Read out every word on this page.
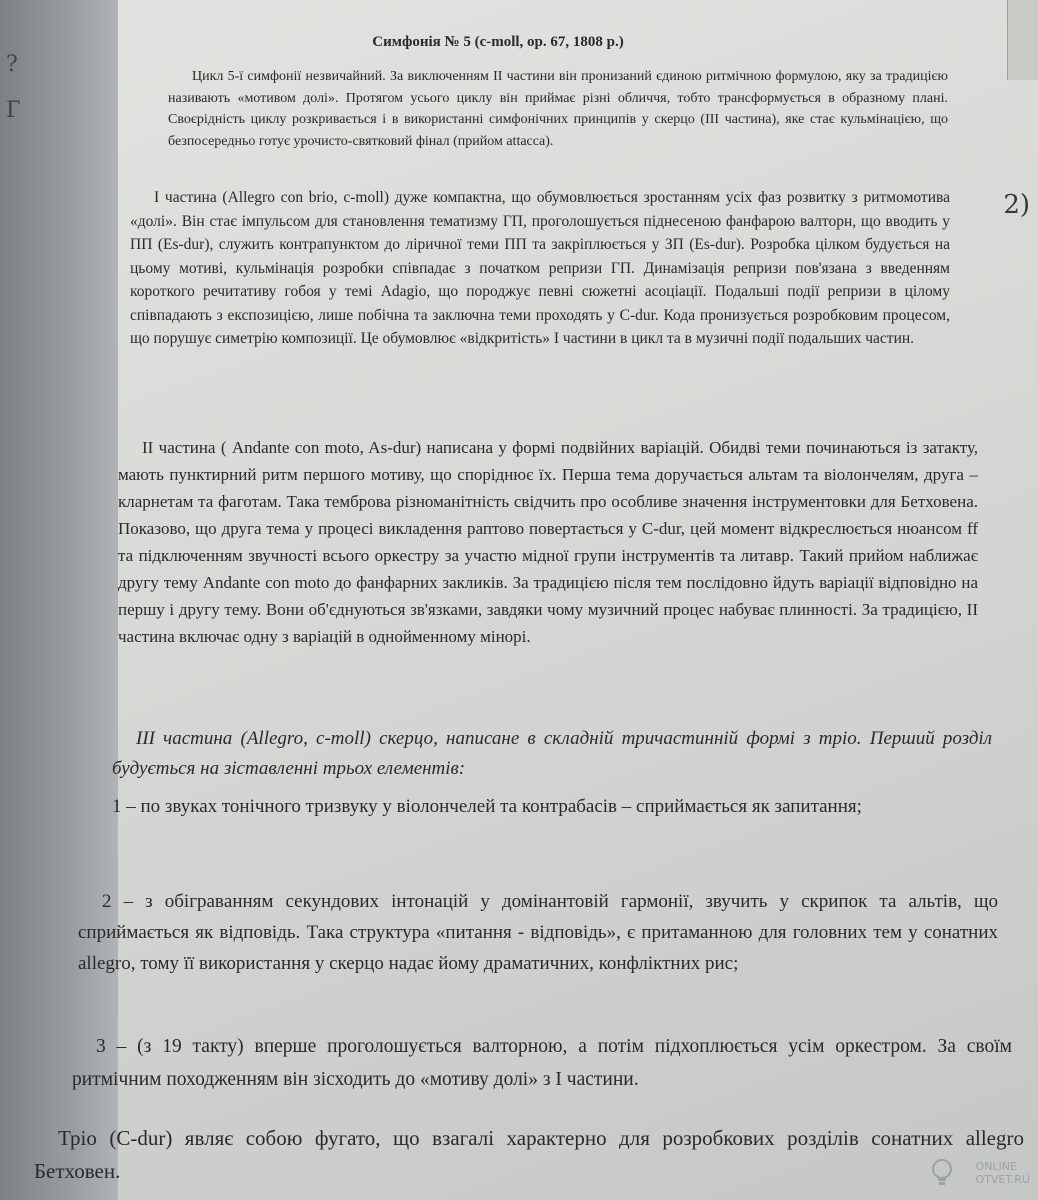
?
Г
2)
Симфонія № 5 (c-moll, op. 67, 1808 р.)

Цикл 5-ї симфонії незвичайний. За виключенням II частини він пронизаний єдиною ритмічною формулою, яку за традицією називають «мотивом долі». Протягом усього циклу він приймає різні обличчя, тобто трансформується в образному плані. Своєрідність циклу розкривається і в використанні симфонічних принципів у скерцо (III частина), яке стає кульмінацією, що безпосередньо готує урочисто-святковий фінал (прийом attacca).

I частина (Allegro con brio, c-moll) дуже компактна, що обумовлюється зростанням усіх фаз розвитку з ритмомотива «долі». Він стає імпульсом для становлення тематизму ГП, проголошується піднесеною фанфарою валторн, що вводить у ПП (Es-dur), служить контрапунктом до ліричної теми ПП та закріплюється у ЗП (Es-dur). Розробка цілком будується на цьому мотиві, кульмінація розробки співпадає з початком репризи ГП. Динамізація репризи пов'язана з введенням короткого речитативу гобоя у темі Adagio, що породжує певні сюжетні асоціації. Подальші події репризи в цілому співпадають з експозицією, лише побічна та заключна теми проходять у C-dur. Кода пронизується розробковим процесом, що порушує симетрію композиції. Це обумовлює «відкритість» I частини в цикл та в музичні події подальших частин.

II частина ( Andante con moto, As-dur) написана у формі подвійних варіацій. Обидві теми починаються із затакту, мають пунктирний ритм першого мотиву, що споріднює їх. Перша тема доручається альтам та віолончелям, друга – кларнетам та фаготам. Така темброва різноманітність свідчить про особливе значення інструментовки для Бетховена. Показово, що друга тема у процесі викладення раптово повертається у C-dur, цей момент відкреслюється нюансом ff та підключенням звучності всього оркестру за участю мідної групи інструментів та литавр. Такий прийом наближає другу тему Andante con moto до фанфарних закликів. За традицією після тем послідовно йдуть варіації відповідно на першу і другу тему. Вони об'єднуються зв'язками, завдяки чому музичний процес набуває плинності. За традицією, II частина включає одну з варіацій в однойменному мінорі.

III частина (Allegro, c-moll) скерцо, написане в складній тричастинній формі з тріо. Перший розділ будується на зіставленні трьох елементів:

1 – по звуках тонічного тризвуку у віолончелей та контрабасів – сприймається як запитання;

2 – з обігравaнням секундових інтонацій у домінантовій гармонії, звучить у скрипок та альтів, що сприймається як відповідь. Така структура «питання - відповідь», є притаманною для головних тем у сонатних allegro, тому її використання у скерцо надає йому драматичних, конфліктних рис;

3 – (з 19 такту) вперше проголошується валторною, а потім підхоплюється усім оркестром. За своїм ритмічним походженням він зісходить до «мотиву долі» з I частини.

Тріо (C-dur) являє собою фугато, що взагалі характерно для розробкових розділів сонатних allegro Бетховен.	ONLINE
OTVET.RU
